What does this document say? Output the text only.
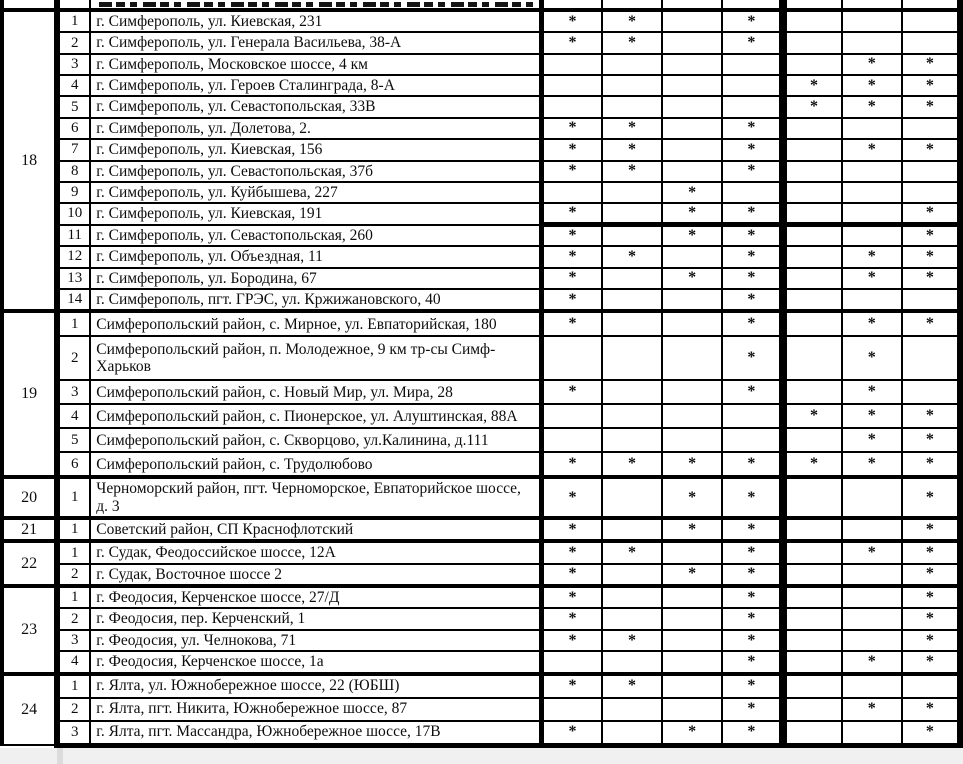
18	1	г. Симферополь, ул. Киевская, 231	*	*		*			
	2	г. Симферополь, ул. Генерала Васильева, 38-А	*	*		*			
	3	г. Симферополь, Московское шоссе, 4 км						*	*
	4	г. Симферополь, ул. Героев Сталинграда, 8-А					*	*	*
	5	г. Симферополь, ул. Севастопольская, 33В					*	*	*
	6	г. Симферополь, ул. Долетова, 2.	*	*		*			
	7	г. Симферополь, ул. Киевская, 156	*	*		*		*	*
	8	г. Симферополь, ул. Севастопольская, 37б	*	*		*			
	9	г. Симферополь, ул. Куйбышева, 227			*				
	10	г. Симферополь, ул. Киевская, 191	*		*	*			*
	11	г. Симферополь, ул. Севастопольская, 260	*		*	*			*
	12	г. Симферополь, ул. Объездная, 11	*	*		*		*	*
	13	г. Симферополь, ул. Бородина, 67	*		*	*		*	*
	14	г. Симферополь, пгт. ГРЭС, ул. Кржижановского, 40	*			*			
19	1	Симферопольский район, с. Мирное, ул. Евпаторийская, 180	*			*		*	*
	2	Симферопольский район, п. Молодежное, 9 км тр-сы Симф-Харьков				*		*	
	3	Симферопольский район, с. Новый Мир, ул. Мира, 28	*			*		*	
	4	Симферопольский район, с. Пионерское, ул. Алуштинская, 88А					*	*	*
	5	Симферопольский район, с. Скворцово, ул.Калинина, д.111						*	*
	6	Симферопольский район, с. Трудолюбово	*	*	*	*	*	*	*
20	1	Черноморский район, пгт. Черноморское, Евпаторийское шоссе, д. 3	*		*	*			*
21	1	Советский район, СП Краснофлотский	*		*	*			*
22	1	г. Судак, Феодоссийское шоссе, 12А	*	*		*		*	*
	2	г. Судак, Восточное шоссе 2	*		*	*			*
23	1	г. Феодосия, Керченское шоссе, 27/Д	*			*			*
	2	г. Феодосия, пер. Керченский, 1	*			*			*
	3	г. Феодосия, ул. Челнокова, 71	*	*		*			*
	4	г. Феодосия, Керченское шоссе, 1а				*		*	*
24	1	г. Ялта, ул. Южнобережное шоссе, 22 (ЮБШ)	*	*		*			
	2	г. Ялта, пгт. Никита, Южнобережное шоссе, 87				*		*	*
	3	г. Ялта, пгт. Массандра, Южнобережное шоссе, 17В	*		*	*			*
